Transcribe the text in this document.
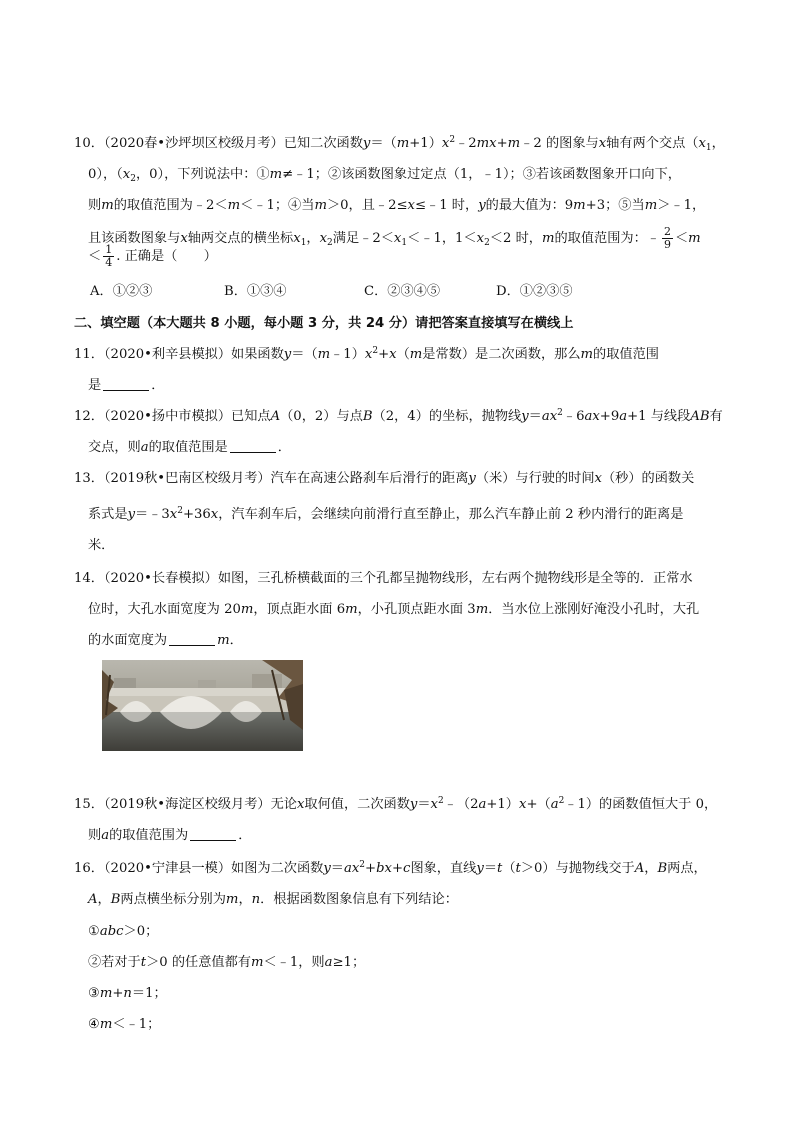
10．（2020春•沙坪坝区校级月考）已知二次函数$y=(m+1)x^2﹣2mx+m﹣2$ 的图象与x轴有两个交点（$x_1$，
0），（$x_2$，0），下列说法中：①m≠﹣1；②该函数图象过定点（1，﹣1）；③若该函数图象开口向下，
则m的取值范围为﹣2＜m＜﹣1；④当m＞0，且﹣2≤x≤﹣1 时，y的最大值为：9m+3；⑤当m＞﹣1，
且该函数图象与x轴两交点的横坐标$x_1$，$x_2$满足$﹣2<x_1<﹣1$，$1<x_2<2$ 时，m的取值范围为：﹣ $\frac{2}{9} <m$
＜ $\frac{1}{4}$ . 正确是（　　）
A．①②③	B．①③④	C．②③④⑤	D．①②③⑤
二、填空题（本大题共 8 小题，每小题 3 分，共 24 分）请把答案直接填写在横线上
11．（2020•利辛县模拟）如果函数$y=(m﹣1)x^2+x(m$是常数）是二次函数，那么m的取值范围
是	．
12．（2020•扬中市模拟）已知点A（0，2）与点B（2，4）的坐标，抛物线$y=ax^2﹣6ax+9a+1$ 与线段AB有
交点，则a的取值范围是	．
13．（2019秋•巴南区校级月考）汽车在高速公路刹车后滑行的距离y（米）与行驶的时间x（秒）的函数关
系式是$y=﹣3x^2+36x$，汽车刹车后，会继续向前滑行直至静止，那么汽车静止前 2 秒内滑行的距离是
米．
14．（2020•长春模拟）如图，三孔桥横截面的三个孔都呈抛物线形，左右两个抛物线形是全等的．正常水
位时，大孔水面宽度为 20m，顶点距水面 6m，小孔顶点距水面 3m．当水位上涨刚好淹没小孔时，大孔
的水面宽度为	m．
15．（2019秋•海淀区校级月考）无论x取何值，二次函数$y=x^2﹣(2a+1)x+(a^2﹣1)$的函数值恒大于 0，
则a的取值范围为	．
16．（2020•宁津县一模）如图为二次函数$y=ax^2+bx+c$图象，直线y＝t（t＞0）与抛物线交于A，B两点，
A，B两点横坐标分别为m，n．根据函数图象信息有下列结论：
①abc＞0；
②若对于t＞0 的任意值都有m＜﹣1，则a≥1；
③m+n＝1；
④m＜﹣1；
